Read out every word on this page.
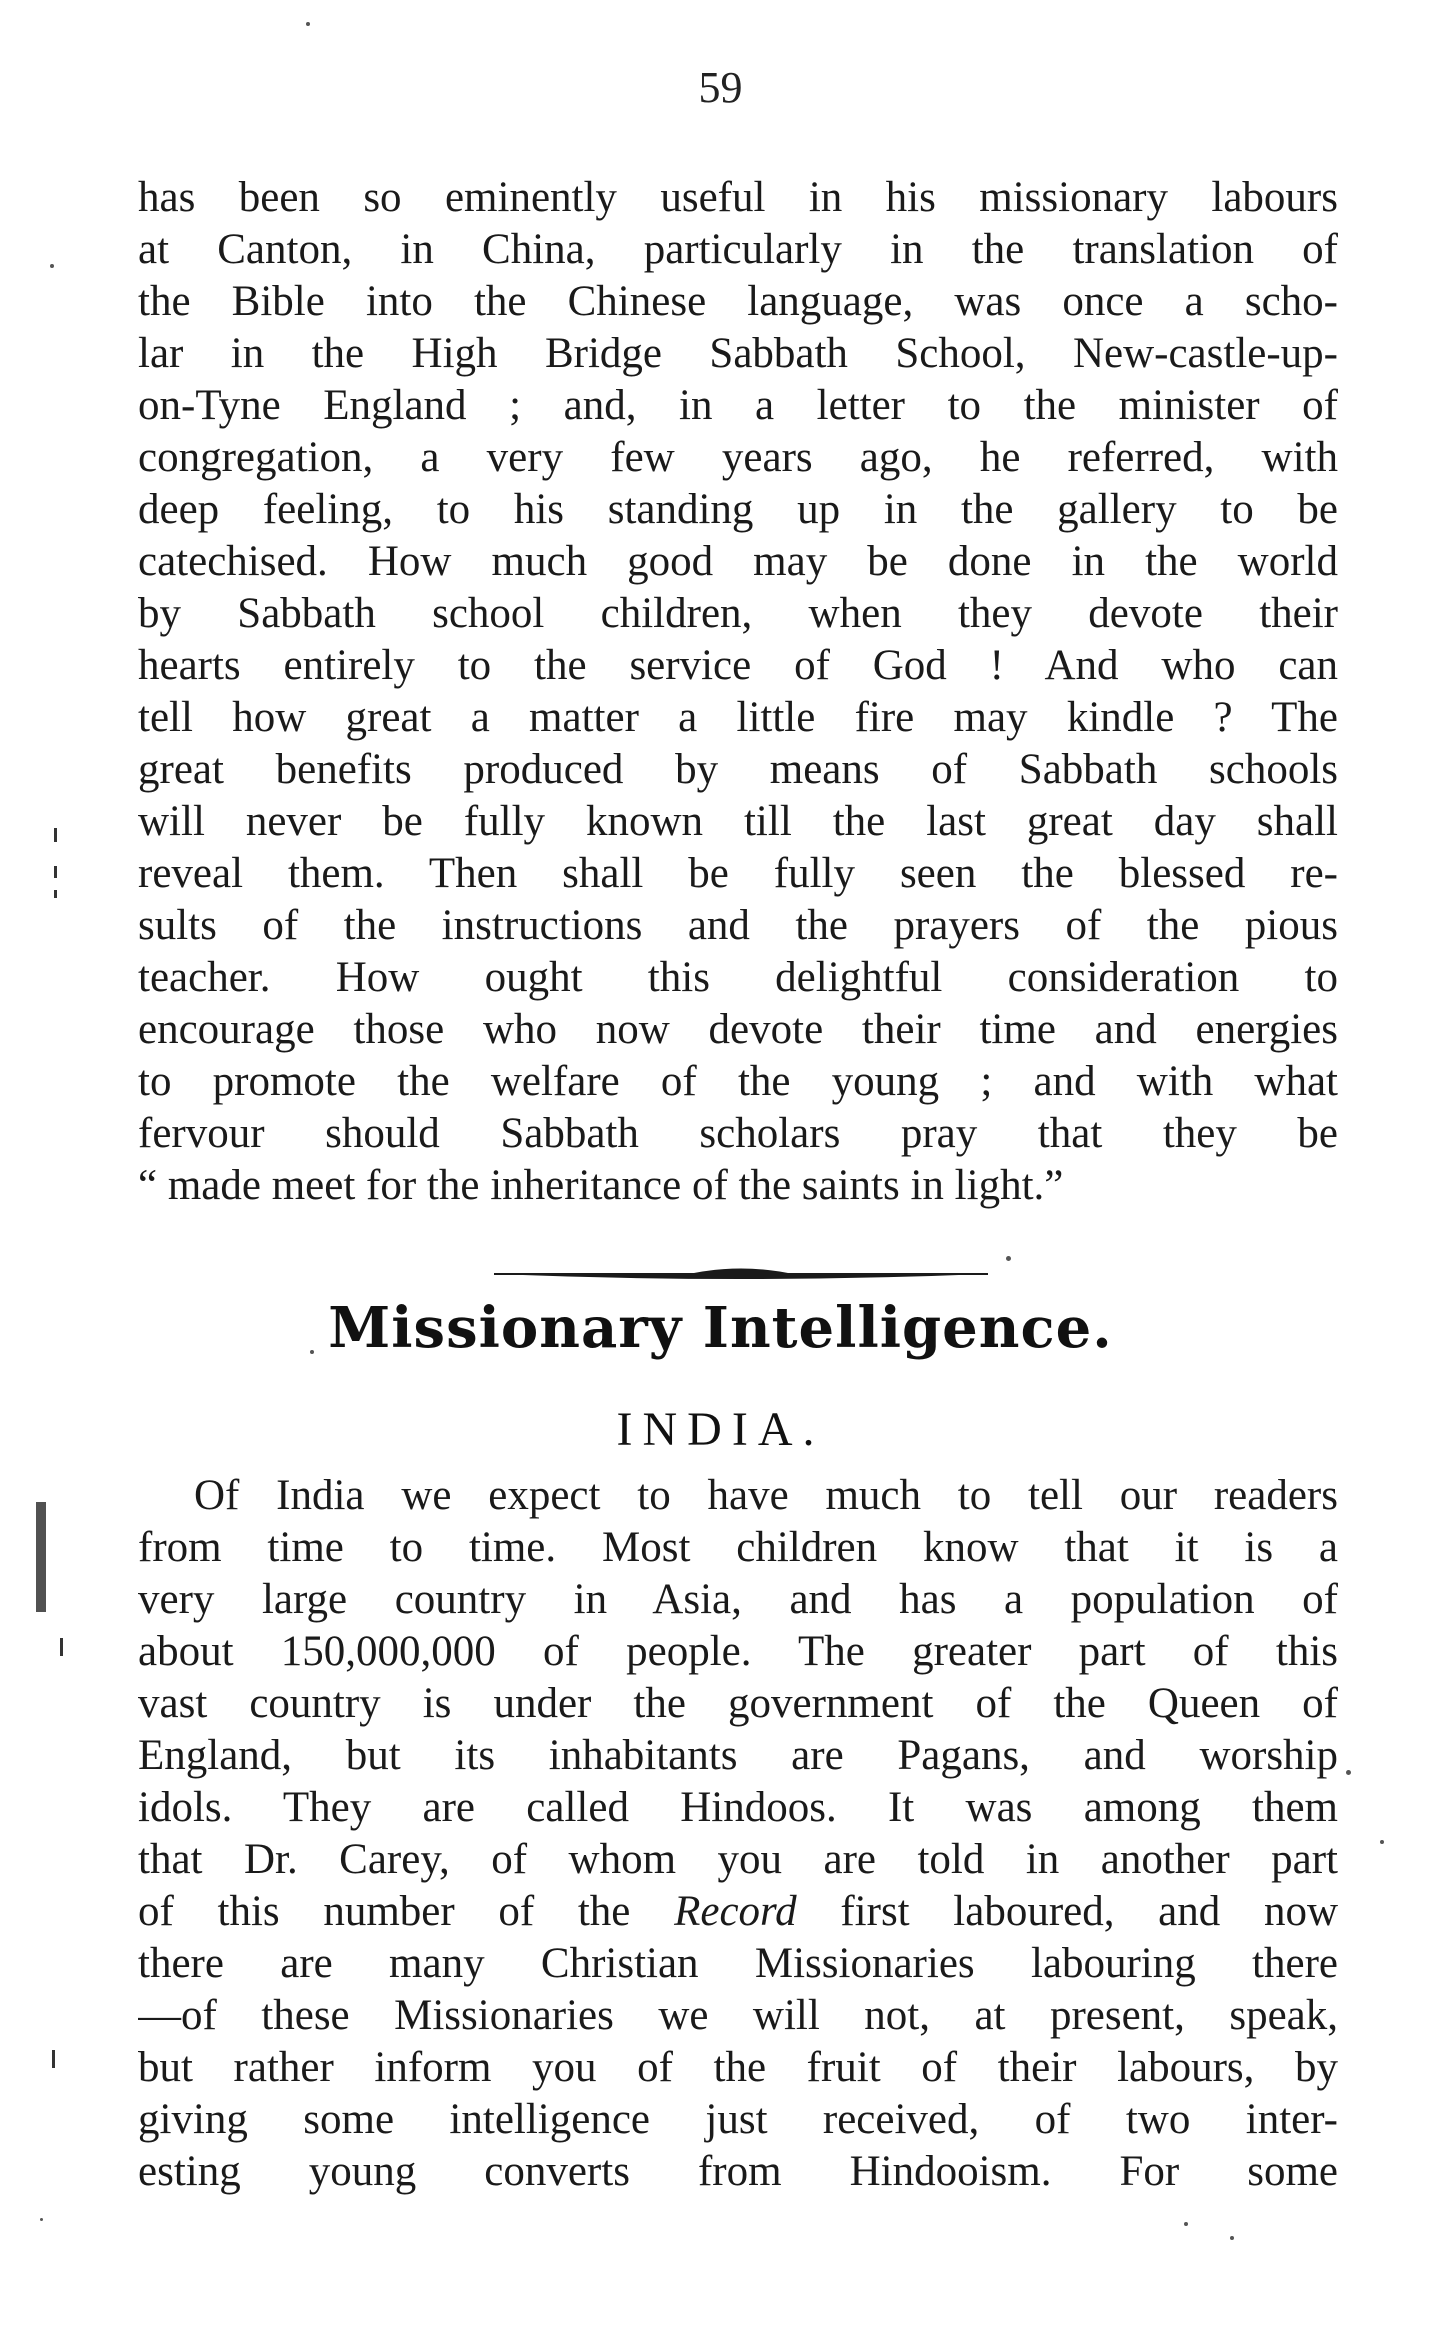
59
has been so eminently useful in his missionary labours
at Canton, in China, particularly in the translation of
the Bible into the Chinese language, was once a scho-
lar in the High Bridge Sabbath School, New-castle-up-
on-Tyne England ; and, in a letter to the minister of
congregation, a very few years ago, he referred, with
deep feeling, to his standing up in the gallery to be
catechised. How much good may be done in the world
by Sabbath school children, when they devote their
hearts entirely to the service of God ! And who can
tell how great a matter a little fire may kindle ? The
great benefits produced by means of Sabbath schools
will never be fully known till the last great day shall
reveal them. Then shall be fully seen the blessed re-
sults of the instructions and the prayers of the pious
teacher. How ought this delightful consideration to
encourage those who now devote their time and energies
to promote the welfare of the young ; and with what
fervour should Sabbath scholars pray that they be
“ made meet for the inheritance of the saints in light.”
Missionary Intelligence.
INDIA.
Of India we expect to have much to tell our readers
from time to time. Most children know that it is a
very large country in Asia, and has a population of
about 150,000,000 of people. The greater part of this
vast country is under the government of the Queen of
England, but its inhabitants are Pagans, and worship
idols. They are called Hindoos. It was among them
that Dr. Carey, of whom you are told in another part
of this number of the Record first laboured, and now
there are many Christian Missionaries labouring there
—of these Missionaries we will not, at present, speak,
but rather inform you of the fruit of their labours, by
giving some intelligence just received, of two inter-
esting young converts from Hindooism. For some
